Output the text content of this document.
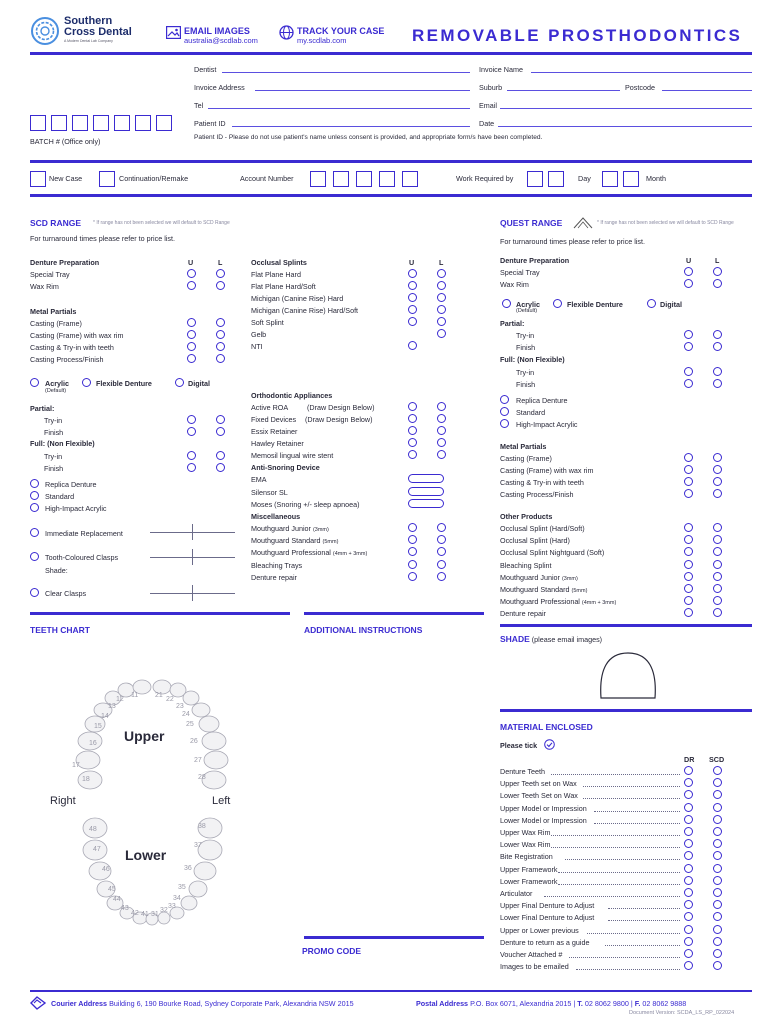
Southern
Cross Dental
A Modern Dental Lab Company
EMAIL IMAGES
australia@scdlab.com
TRACK YOUR CASE
my.scdlab.com	REMOVABLE PROSTHODONTICS
Dentist	Invoice Name
Invoice Address	Suburb	Postcode
Tel	Email
BATCH # (Office only)
Patient ID	Date
Patient ID - Please do not use patient's name unless consent is provided, and appropriate form/s have been completed.
New Case	Continuation/Remake	Account Number	Work Required by	Day	Month
SCD RANGE * If range has not been selected we will default to SCD Range
For turnaround times please refer to price list.
Denture Preparation	U	L
Special Tray
Wax Rim
Metal Partials
Casting (Frame)
Casting (Frame) with wax rim
Casting & Try-in with teeth
Casting Process/Finish
Acrylic
(Default)
Flexible Denture	Digital
Partial:
Try-in
Finish
Full: (Non Flexible)
Try-in
Finish
Replica Denture
Standard
High-Impact Acrylic
Immediate Replacement
Tooth-Coloured Clasps
Shade:
Clear Clasps
Occlusal Splints	U	L
Flat Plane Hard
Flat Plane Hard/Soft
Michigan (Canine Rise) Hard
Michigan (Canine Rise) Hard/Soft
Soft Splint
Gelb
NTI
Orthodontic Appliances
Active ROA	(Draw Design Below)
Fixed Devices (Draw Design Below)
Essix Retainer
Hawley Retainer
Memosil lingual wire stent
Anti-Snoring Device
EMA
Silensor SL
Moses (Snoring +/- sleep apnoea)
Miscellaneous
Mouthguard Junior (3mm)
Mouthguard Standard (5mm)
Mouthguard Professional (4mm + 3mm)
Bleaching Trays
Denture repair
QUEST RANGE	* If range has not been selected we will default to SCD Range
For turnaround times please refer to price list.
Denture Preparation	U	L
Special Tray
Wax Rim
Acrylic
(Default)
Flexible Denture	Digital
Partial:
Try-in
Finish
Full: (Non Flexible)
Try-in
Finish
Replica Denture
Standard
High-Impact Acrylic
Metal Partials
Casting (Frame)
Casting (Frame) with wax rim
Casting & Try-in with teeth
Casting Process/Finish
Other Products
Occlusal Splint (Hard/Soft)
Occlusal Splint (Hard)
Occlusal Splint Nightguard (Soft)
Bleaching Splint
Mouthguard Junior (3mm)
Mouthguard Standard (5mm)
Mouthguard Professional (4mm + 3mm)
Denture repair
TEETH CHART
18
17
16
15
14
13
12
11 21
22
23
24
25
26
27
28
48
47
46
45
44
43
42 41 31
32
33
34
35
36
37
38
Upper
Lower
Right	Left
ADDITIONAL INSTRUCTIONS
PROMO CODE
SHADE (please email images)
MATERIAL ENCLOSED
Please tick
DR SCD
Denture Teeth
Upper Teeth set on Wax
Lower Teeth Set on Wax
Upper Model or Impression
Lower Model or Impression
Upper Wax Rim
Lower Wax Rim
Bite Registration
Upper Framework
Lower Framework
Articulator
Upper Final Denture to Adjust
Lower Final Denture to Adjust
Upper or Lower previous
Denture to return as a guide
Voucher Attached #
Images to be emailed
Courier Address Building 6, 190 Bourke Road, Sydney Corporate Park, Alexandria NSW 2015	Postal Address P.O. Box 6071, Alexandria 2015 | T. 02 8062 9800 | F. 02 8062 9888
Document Version: SCDA_LS_RP_022024
